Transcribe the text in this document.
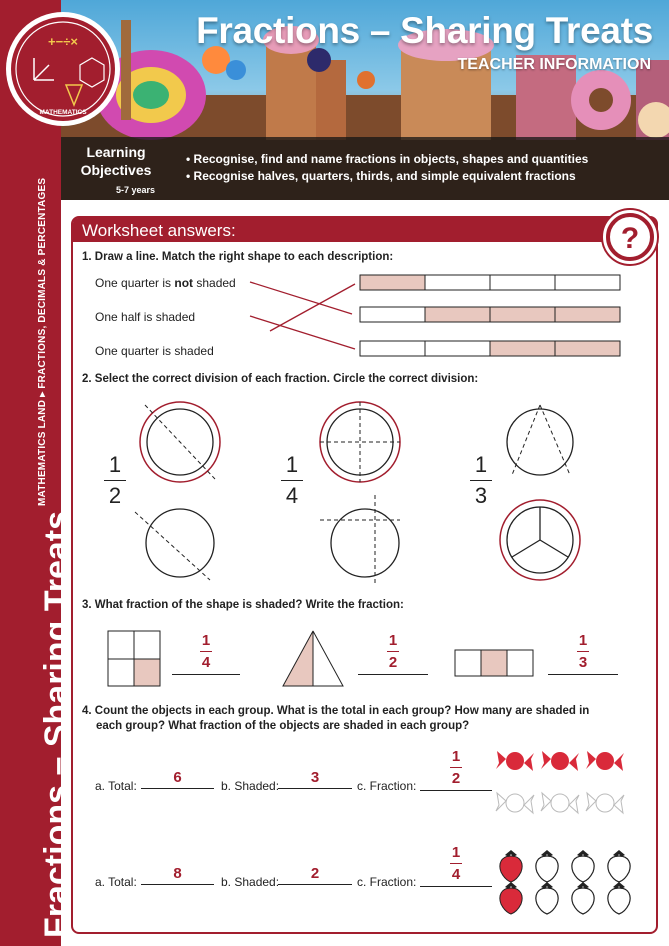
Fractions – Sharing Treats
MATHEMATICS LAND ▸ FRACTIONS, DECIMALS & PERCENTAGES
Fractions – Sharing Treats
TEACHER INFORMATION
Learning Objectives
5-7 years
• Recognise, find and name fractions in objects, shapes and quantities
• Recognise halves, quarters, thirds, and simple equivalent fractions
+−÷×
MATHEMATICS
Worksheet answers:	?
1. Draw a line. Match the right shape to each description:
One quarter is not shaded
One half is shaded
One quarter is shaded
2. Select the correct division of each fraction. Circle the correct division:
1
2
1
4
1
3
3. What fraction of the shape is shaded? Write the fraction:
1
4
1
2
1
3
4. Count the objects in each group. What is the total in each group? How many are shaded in
each group? What fraction of the objects are shaded in each group?
a. Total:	6	b. Shaded:	3	c. Fraction:
1
2
a. Total:	8	b. Shaded:	2	c. Fraction:
1
4
